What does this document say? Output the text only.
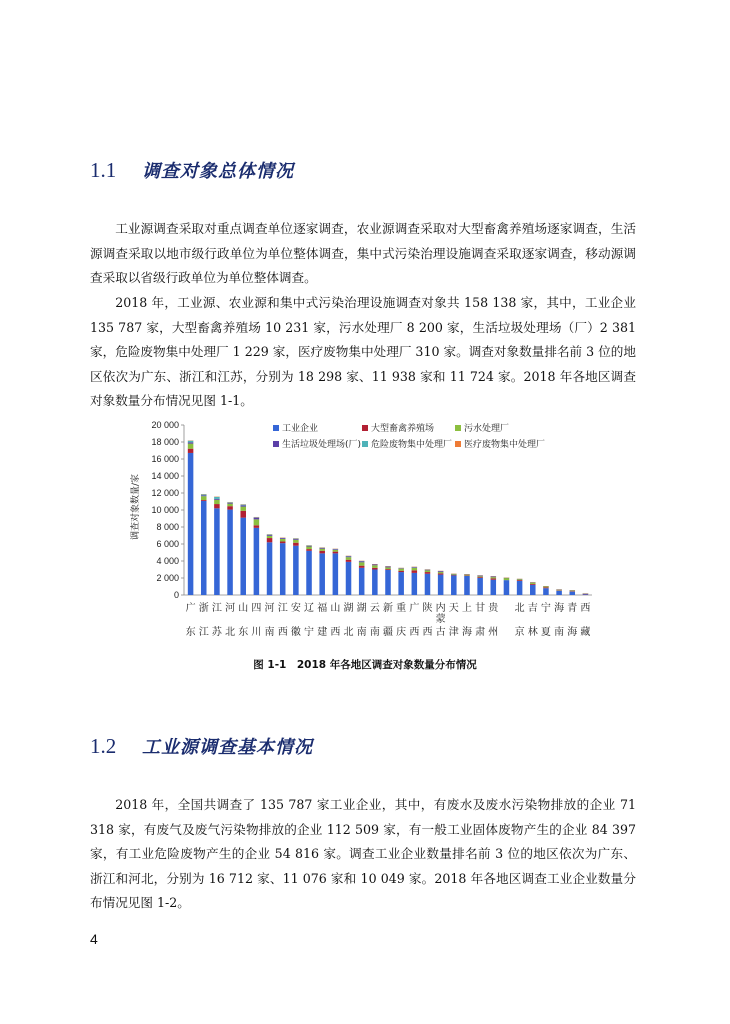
1.1	调查对象总体情况
工业源调查采取对重点调查单位逐家调查，农业源调查采取对大型畜禽养殖场逐家调查，生活源调查采取以地市级行政单位为单位整体调查，集中式污染治理设施调查采取逐家调查，移动源调查采取以省级行政单位为单位整体调查。
2018 年，工业源、农业源和集中式污染治理设施调查对象共 158 138 家，其中，工业企业 135 787 家，大型畜禽养殖场 10 231 家，污水处理厂 8 200 家，生活垃圾处理场（厂）2 381 家，危险废物集中处理厂 1 229 家，医疗废物集中处理厂 310 家。调查对象数量排名前 3 位的地区依次为广东、浙江和江苏，分别为 18 298 家、11 938 家和 11 724 家。2018 年各地区调查对象数量分布情况见图 1-1。
0
2 000
4 000
6 000
8 000
10 000
12 000
14 000
16 000
18 000
20 000
广
东
浙
江
江
苏
河
北
山
东
四
川
河
南
江
西
安
徽
辽
宁
福
建
山
西
湖
北
湖
南
云
南
新
疆
重
庆
广
西
陕
西
内
蒙
古
天
津
上
海
甘
肃
贵
州
北
京
吉
林
宁
夏
海
南
青
海
西
藏
工业企业	大型畜禽养殖场	污水处理厂
生活垃圾处理场(厂) 危险废物集中处理厂 医疗废物集中处理厂
调查对象数量/家
图 1-1　2018 年各地区调查对象数量分布情况
1.2	工业源调查基本情况
2018 年，全国共调查了 135 787 家工业企业，其中，有废水及废水污染物排放的企业 71 318 家，有废气及废气污染物排放的企业 112 509 家，有一般工业固体废物产生的企业 84 397 家，有工业危险废物产生的企业 54 816 家。调查工业企业数量排名前 3 位的地区依次为广东、浙江和河北，分别为 16 712 家、11 076 家和 10 049 家。2018 年各地区调查工业企业数量分布情况见图 1-2。
4
